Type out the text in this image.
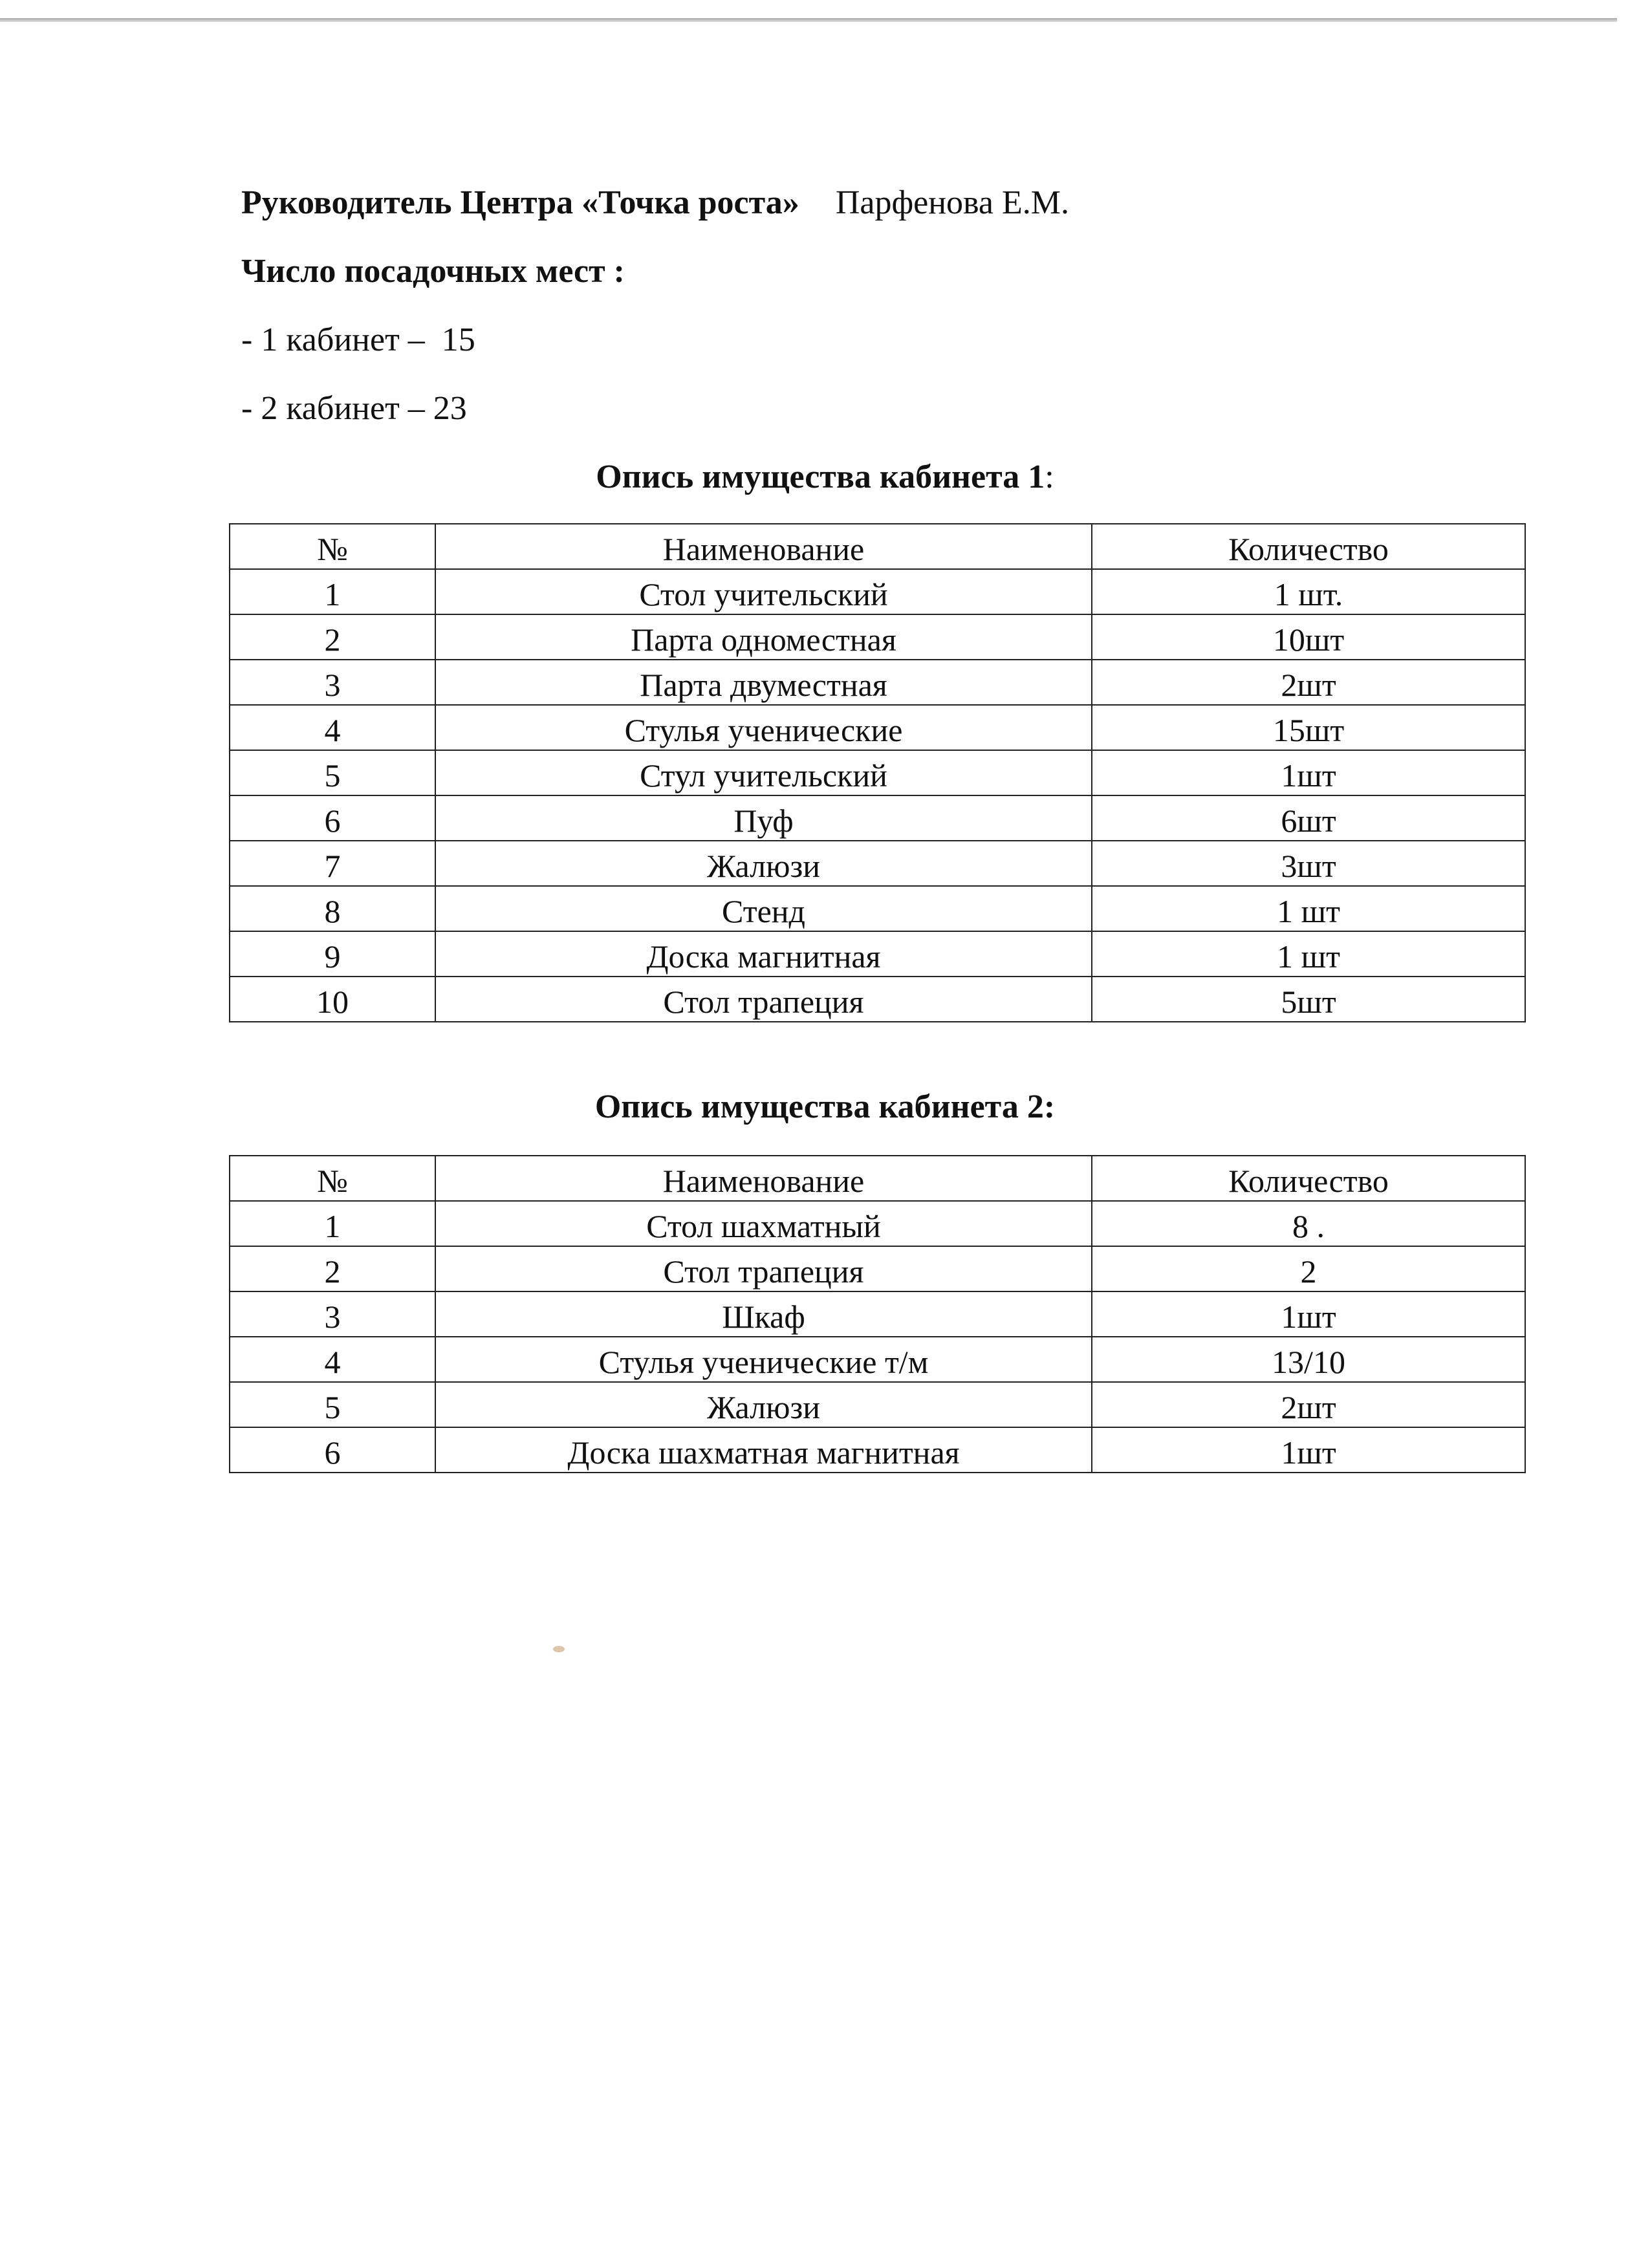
Руководитель Центра «Точка роста» Парфенова Е.М.
Число посадочных мест :
- 1 кабинет –  15
- 2 кабинет – 23
Опись имущества кабинета 1:
№	Наименование	Количество
1	Стол учительский	1 шт.
2	Парта одноместная	10шт
3	Парта двуместная	2шт
4	Стулья ученические	15шт
5	Стул учительский	1шт
6	Пуф	6шт
7	Жалюзи	3шт
8	Стенд	1 шт
9	Доска магнитная	1 шт
10	Стол трапеция	5шт
Опись имущества кабинета 2:
№	Наименование	Количество
1	Стол шахматный	8 .
2	Стол трапеция	2
3	Шкаф	1шт
4	Стулья ученические т/м	13/10
5	Жалюзи	2шт
6	Доска шахматная магнитная	1шт
